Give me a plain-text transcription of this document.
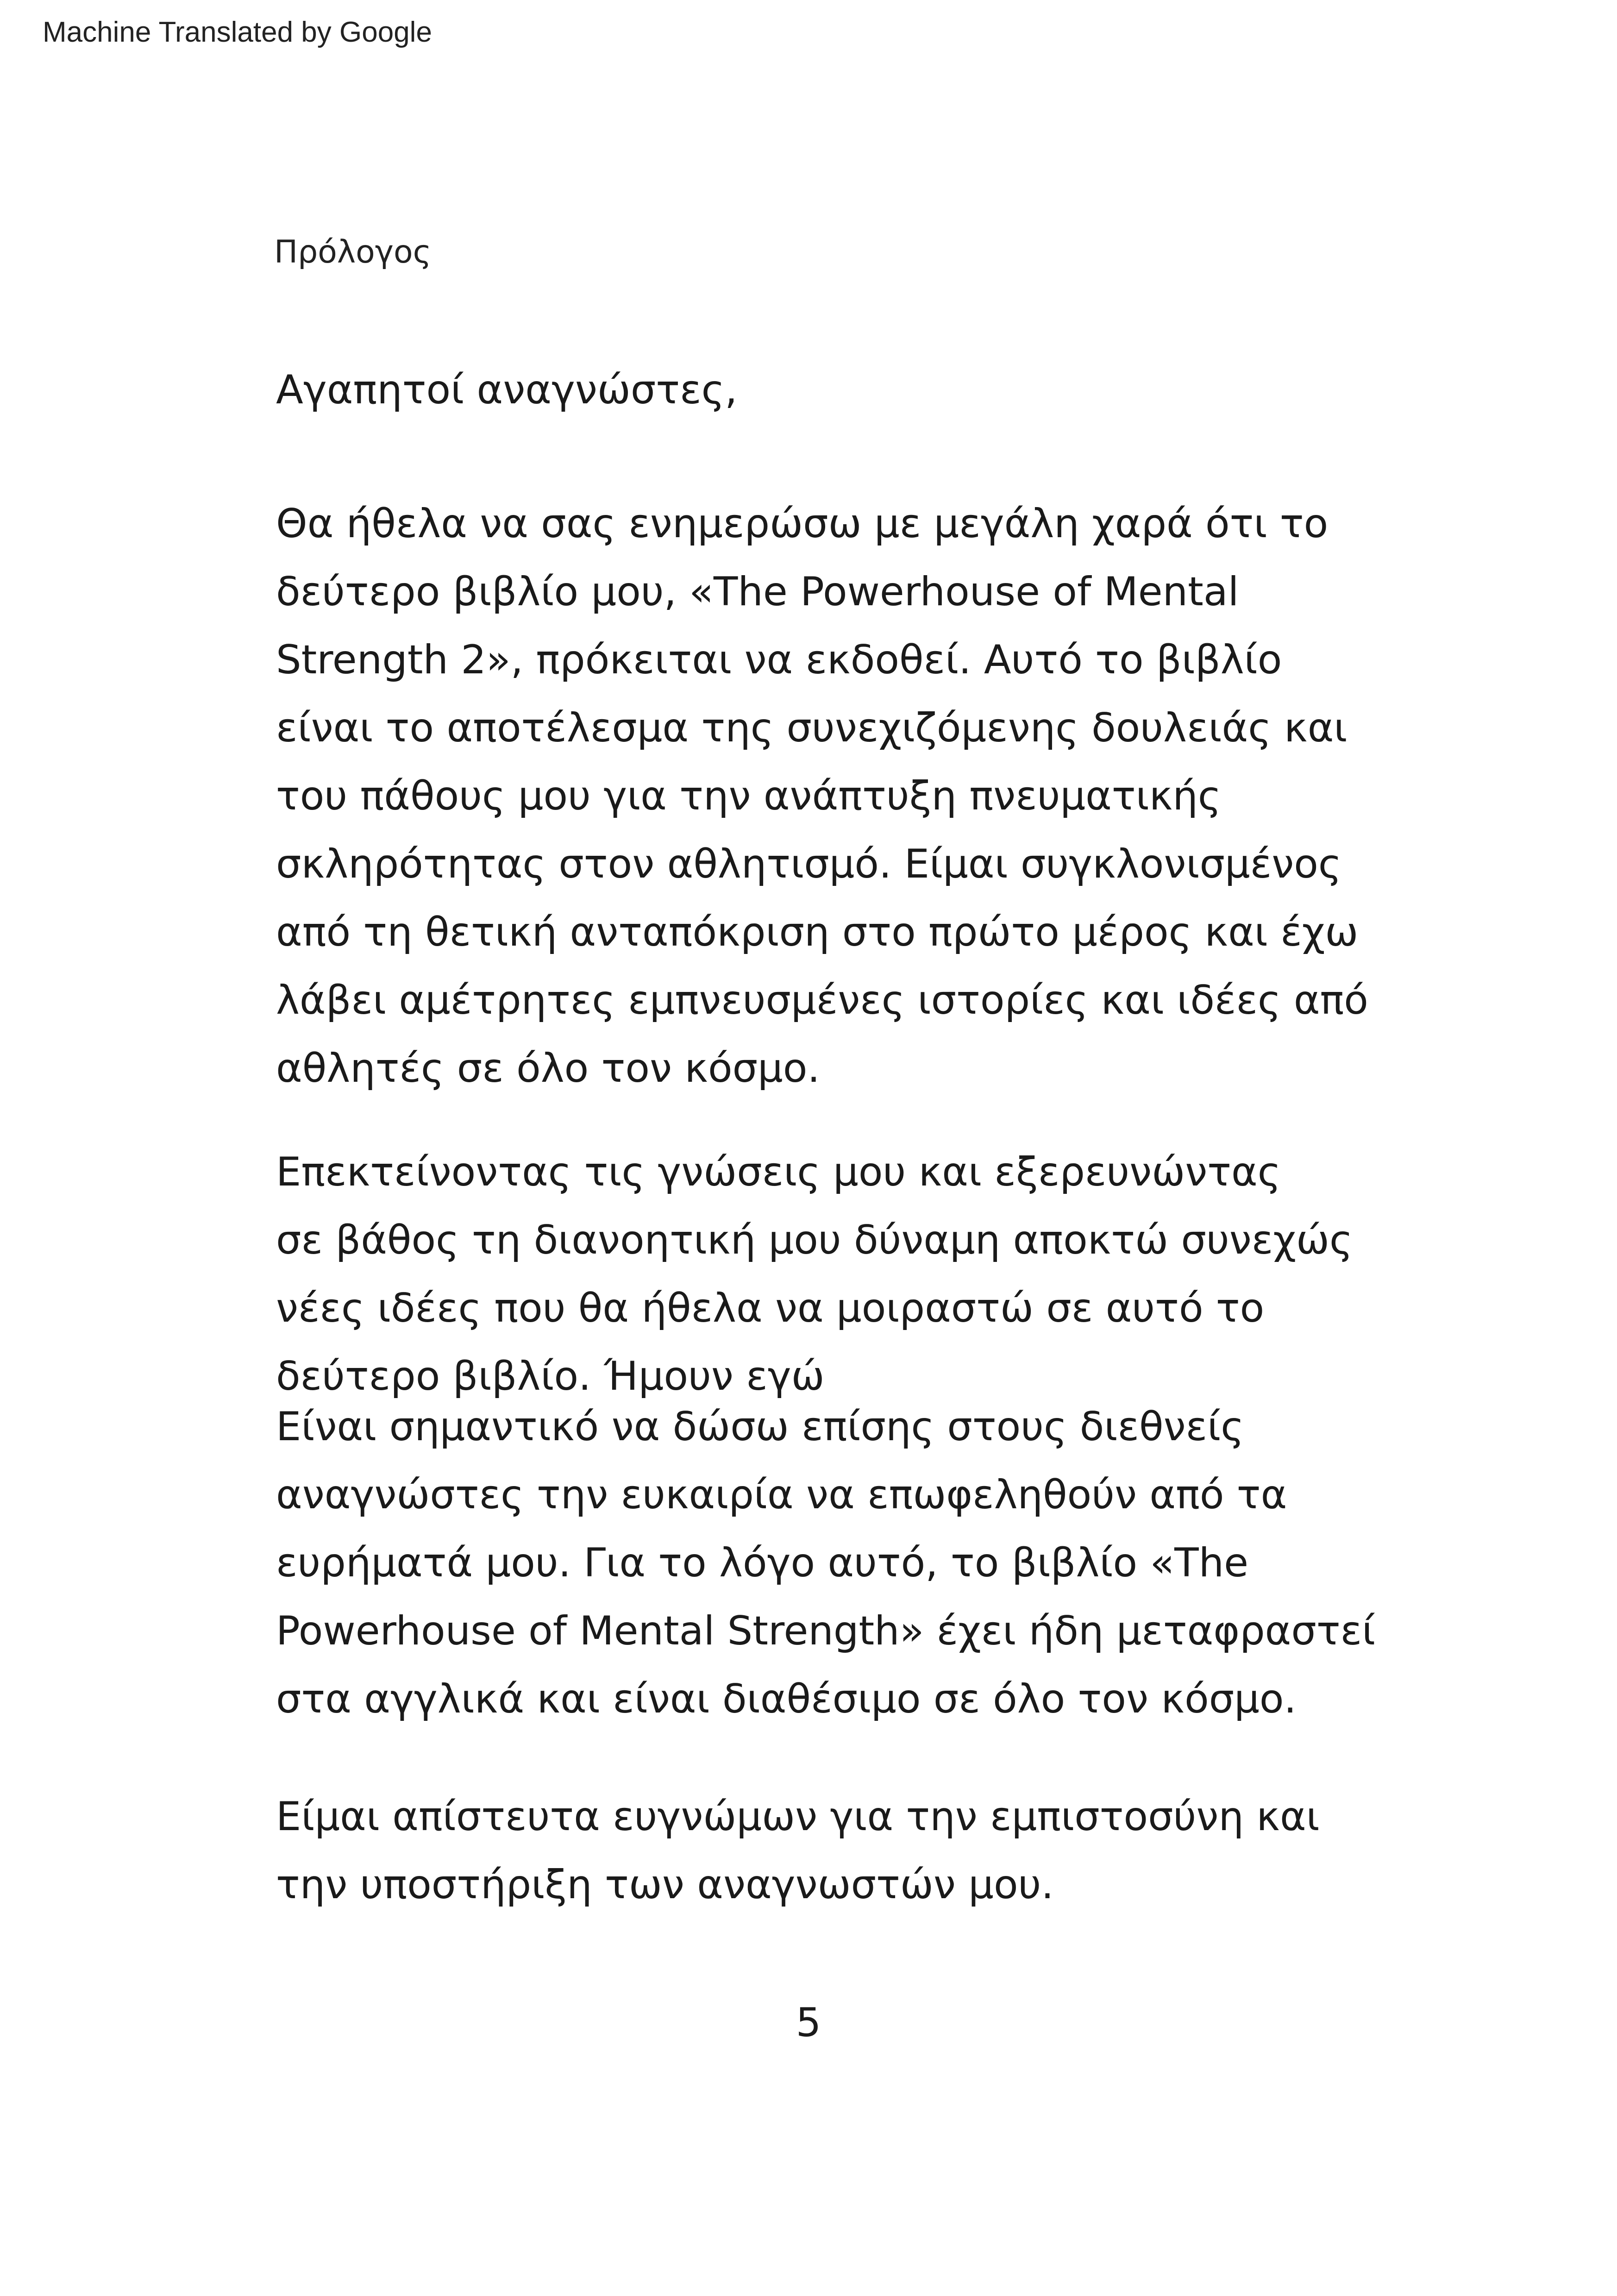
Machine Translated by Google
Πρόλογος
Αγαπητοί αναγνώστες,

Θα ήθελα να σας ενημερώσω με μεγάλη χαρά ότι το
δεύτερο βιβλίο μου, «The Powerhouse of Mental
Strength 2», πρόκειται να εκδοθεί. Αυτό το βιβλίο
είναι το αποτέλεσμα της συνεχιζόμενης δουλειάς και
του πάθους μου για την ανάπτυξη πνευματικής
σκληρότητας στον αθλητισμό. Είμαι συγκλονισμένος
από τη θετική ανταπόκριση στο πρώτο μέρος και έχω
λάβει αμέτρητες εμπνευσμένες ιστορίες και ιδέες από
αθλητές σε όλο τον κόσμο.

Επεκτείνοντας τις γνώσεις μου και εξερευνώντας
σε βάθος τη διανοητική μου δύναμη αποκτώ συνεχώς
νέες ιδέες που θα ήθελα να μοιραστώ σε αυτό το
δεύτερο βιβλίο. Ήμουν εγώ

Είναι σημαντικό να δώσω επίσης στους διεθνείς
αναγνώστες την ευκαιρία να επωφεληθούν από τα
ευρήματά μου. Για το λόγο αυτό, το βιβλίο «The
Powerhouse of Mental Strength» έχει ήδη μεταφραστεί
στα αγγλικά και είναι διαθέσιμο σε όλο τον κόσμο.

Είμαι απίστευτα ευγνώμων για την εμπιστοσύνη και
την υποστήριξη των αναγνωστών μου.

5
